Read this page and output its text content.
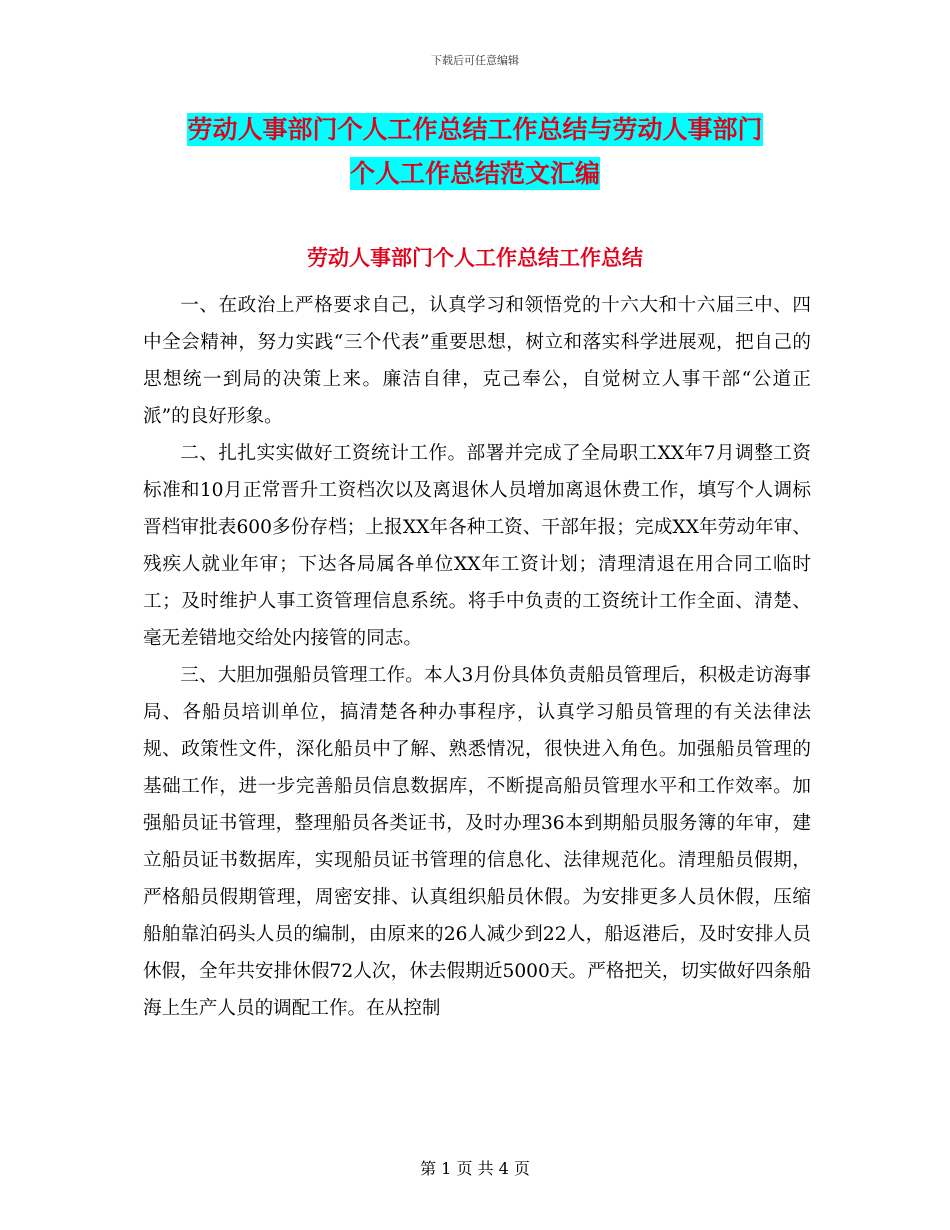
下载后可任意编辑
劳动人事部门个人工作总结工作总结与劳动人事部门
个人工作总结范文汇编
劳动人事部门个人工作总结工作总结

一、在政治上严格要求自己，认真学习和领悟党的十六大和十六届三中、四中全会精神，努力实践“三个代表”重要思想，树立和落实科学进展观，把自己的思想统一到局的决策上来。廉洁自律，克己奉公，自觉树立人事干部“公道正派”的良好形象。

二、扎扎实实做好工资统计工作。部署并完成了全局职工XX年7月调整工资标准和10月正常晋升工资档次以及离退休人员增加离退休费工作，填写个人调标晋档审批表600多份存档；上报XX年各种工资、干部年报；完成XX年劳动年审、残疾人就业年审；下达各局属各单位XX年工资计划；清理清退在用合同工临时工；及时维护人事工资管理信息系统。将手中负责的工资统计工作全面、清楚、毫无差错地交给处内接管的同志。

三、大胆加强船员管理工作。本人3月份具体负责船员管理后，积极走访海事局、各船员培训单位，搞清楚各种办事程序，认真学习船员管理的有关法律法规、政策性文件，深化船员中了解、熟悉情况，很快进入角色。加强船员管理的基础工作，进一步完善船员信息数据库，不断提高船员管理水平和工作效率。加强船员证书管理，整理船员各类证书，及时办理36本到期船员服务簿的年审，建立船员证书数据库，实现船员证书管理的信息化、法律规范化。清理船员假期，严格船员假期管理，周密安排、认真组织船员休假。为安排更多人员休假，压缩船舶靠泊码头人员的编制，由原来的26人减少到22人，船返港后，及时安排人员休假，全年共安排休假72人次，休去假期近5000天。严格把关，切实做好四条船海上生产人员的调配工作。在从控制

第 1 页 共 4 页
